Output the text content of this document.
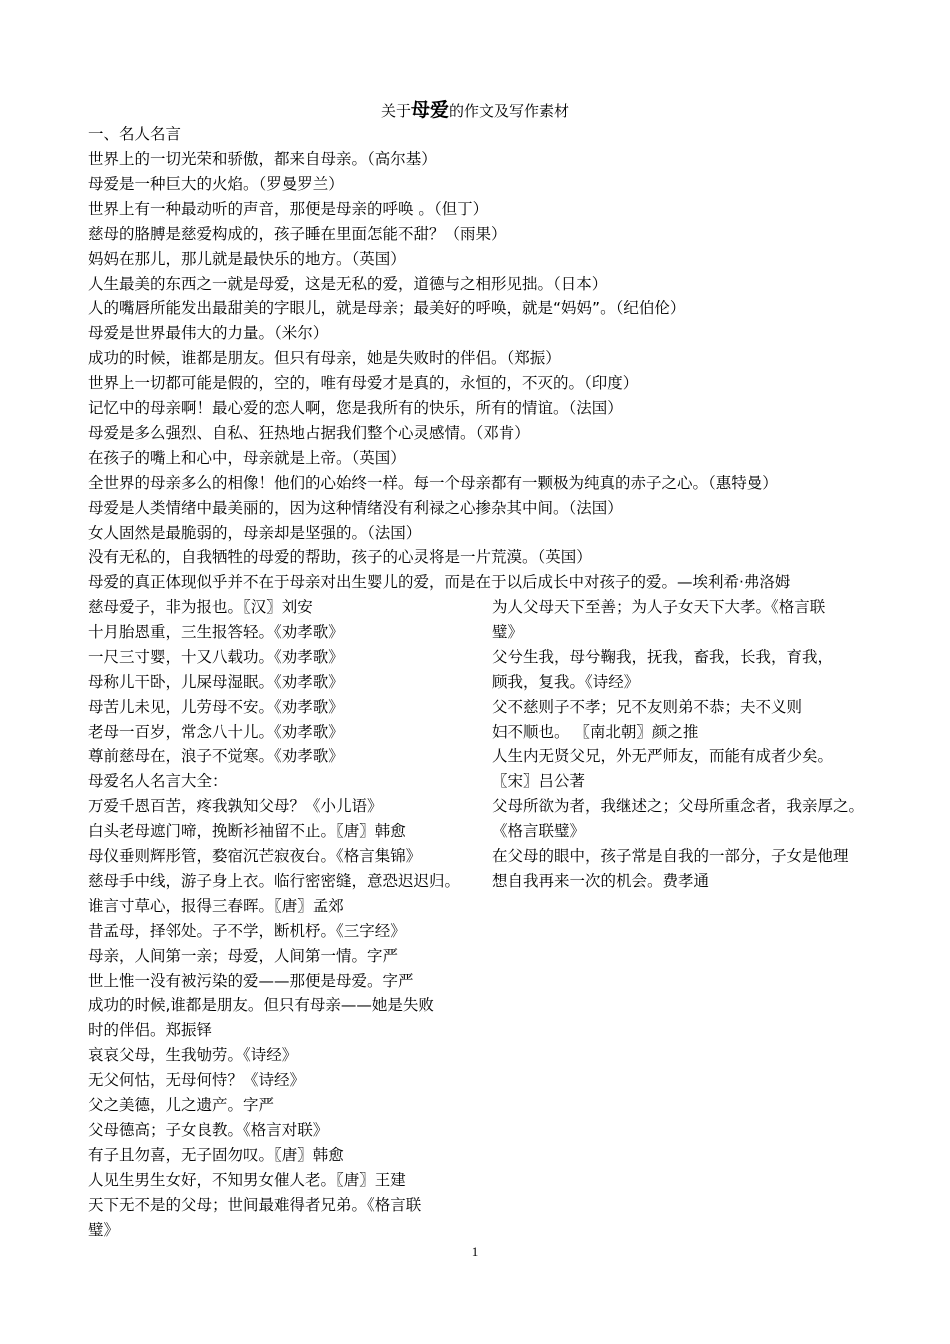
关于母爱的作文及写作素材
一、名人名言
世界上的一切光荣和骄傲，都来自母亲。（高尔基）
母爱是一种巨大的火焰。（罗曼罗兰）
世界上有一种最动听的声音，那便是母亲的呼唤 。（但丁）
慈母的胳膊是慈爱构成的，孩子睡在里面怎能不甜？（雨果）
妈妈在那儿，那儿就是最快乐的地方。（英国）
人生最美的东西之一就是母爱，这是无私的爱，道德与之相形见拙。（日本）
人的嘴唇所能发出最甜美的字眼儿，就是母亲；最美好的呼唤，就是“妈妈”。（纪伯伦）
母爱是世界最伟大的力量。（米尔）
成功的时候，谁都是朋友。但只有母亲，她是失败时的伴侣。（郑振）
世界上一切都可能是假的，空的，唯有母爱才是真的，永恒的，不灭的。（印度）
记忆中的母亲啊！最心爱的恋人啊，您是我所有的快乐，所有的情谊。（法国）
母爱是多么强烈、自私、狂热地占据我们整个心灵感情。（邓肯）
在孩子的嘴上和心中，母亲就是上帝。（英国）
全世界的母亲多么的相像！他们的心始终一样。每一个母亲都有一颗极为纯真的赤子之心。（惠特曼）
母爱是人类情绪中最美丽的，因为这种情绪没有利禄之心掺杂其中间。（法国）
女人固然是最脆弱的，母亲却是坚强的。（法国）
没有无私的，自我牺牲的母爱的帮助，孩子的心灵将是一片荒漠。（英国）
母爱的真正体现似乎并不在于母亲对出生婴儿的爱，而是在于以后成长中对孩子的爱。—埃利希·弗洛姆
慈母爱子，非为报也。〖汉〗刘安
十月胎恩重，三生报答轻。《劝孝歌》
一尺三寸婴，十又八载功。《劝孝歌》
母称儿干卧，儿屎母湿眠。《劝孝歌》
母苦儿未见，儿劳母不安。《劝孝歌》
老母一百岁，常念八十儿。《劝孝歌》
尊前慈母在，浪子不觉寒。《劝孝歌》
母爱名人名言大全：
万爱千恩百苦，疼我孰知父母？《小儿语》
白头老母遮门啼，挽断衫袖留不止。〖唐〗韩愈
母仪垂则辉彤管，婺宿沉芒寂夜台。《格言集锦》
慈母手中线，游子身上衣。临行密密缝，意恐迟迟归。
谁言寸草心，报得三春晖。〖唐〗孟郊
昔孟母，择邻处。子不学，断机杼。《三字经》
母亲，人间第一亲；母爱，人间第一情。字严
世上惟一没有被污染的爱——那便是母爱。字严
成功的时候,谁都是朋友。但只有母亲——她是失败
时的伴侣。郑振铎
哀哀父母，生我劬劳。《诗经》
无父何怙，无母何恃？《诗经》
父之美德，儿之遗产。字严
父母德高；子女良教。《格言对联》
有子且勿喜，无子固勿叹。〖唐〗韩愈
人见生男生女好，不知男女催人老。〖唐〗王建
天下无不是的父母；世间最难得者兄弟。《格言联
璧》
为人父母天下至善；为人子女天下大孝。《格言联
璧》
父兮生我，母兮鞠我，抚我，畜我，长我，育我，
顾我，复我。《诗经》
父不慈则子不孝；兄不友则弟不恭；夫不义则
妇不顺也。 〖南北朝〗颜之推
人生内无贤父兄，外无严师友，而能有成者少矣。
〖宋〗吕公著
父母所欲为者，我继述之；父母所重念者，我亲厚之。
《格言联璧》
在父母的眼中，孩子常是自我的一部分，子女是他理
想自我再来一次的机会。费孝通
1
